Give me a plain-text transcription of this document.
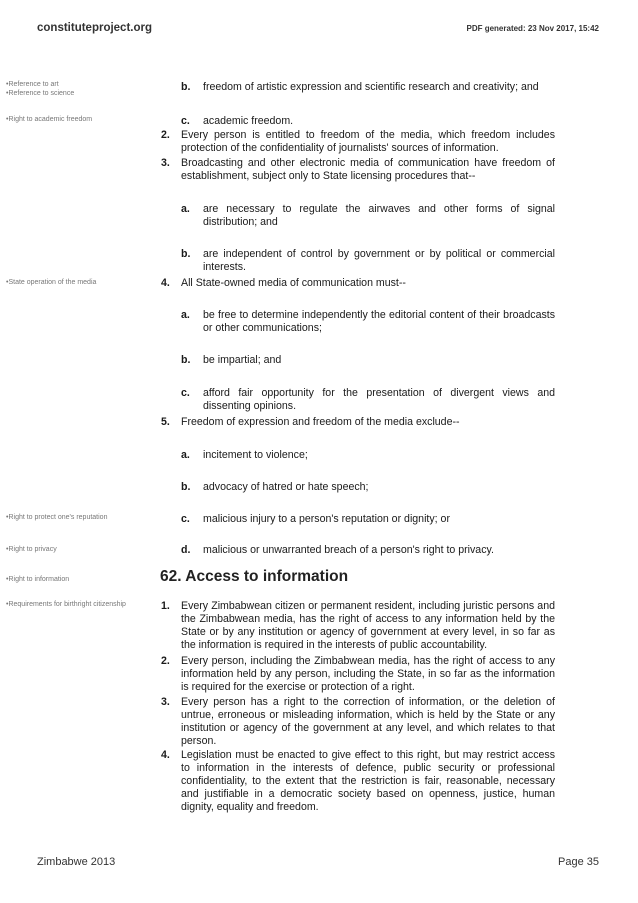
constituteproject.org	PDF generated: 23 Nov 2017, 15:42
• Reference to art
• Reference to science
• Right to academic freedom
• State operation of the media
• Right to protect one's reputation
• Right to privacy
• Right to information
• Requirements for birthright citizenship
b. freedom of artistic expression and scientific research and creativity; and
c. academic freedom.
2. Every person is entitled to freedom of the media, which freedom includes protection of the confidentiality of journalists' sources of information.
3. Broadcasting and other electronic media of communication have freedom of establishment, subject only to State licensing procedures that--
a. are necessary to regulate the airwaves and other forms of signal distribution; and
b. are independent of control by government or by political or commercial interests.
4. All State-owned media of communication must--
a. be free to determine independently the editorial content of their broadcasts or other communications;
b. be impartial; and
c. afford fair opportunity for the presentation of divergent views and dissenting opinions.
5. Freedom of expression and freedom of the media exclude--
a. incitement to violence;
b. advocacy of hatred or hate speech;
c. malicious injury to a person's reputation or dignity; or
d. malicious or unwarranted breach of a person's right to privacy.
62. Access to information
1. Every Zimbabwean citizen or permanent resident, including juristic persons and the Zimbabwean media, has the right of access to any information held by the State or by any institution or agency of government at every level, in so far as the information is required in the interests of public accountability.
2. Every person, including the Zimbabwean media, has the right of access to any information held by any person, including the State, in so far as the information is required for the exercise or protection of a right.
3. Every person has a right to the correction of information, or the deletion of untrue, erroneous or misleading information, which is held by the State or any institution or agency of the government at any level, and which relates to that person.
4. Legislation must be enacted to give effect to this right, but may restrict access to information in the interests of defence, public security or professional confidentiality, to the extent that the restriction is fair, reasonable, necessary and justifiable in a democratic society based on openness, justice, human dignity, equality and freedom.
Zimbabwe 2013	Page 35
